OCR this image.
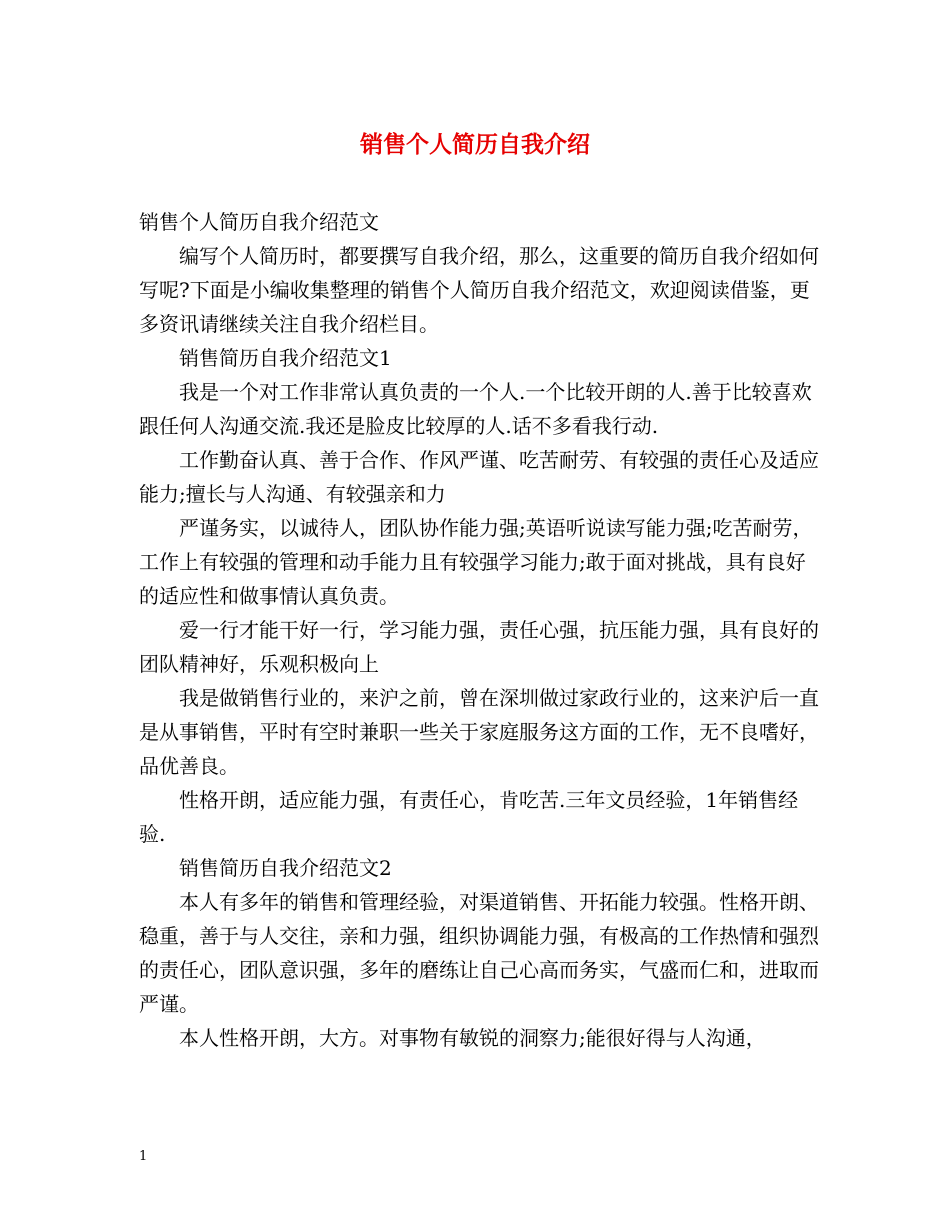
销售个人简历自我介绍

销售个人简历自我介绍范文

编写个人简历时，都要撰写自我介绍，那么，这重要的简历自我介绍如何写呢?下面是小编收集整理的销售个人简历自我介绍范文，欢迎阅读借鉴，更多资讯请继续关注自我介绍栏目。

销售简历自我介绍范文1

我是一个对工作非常认真负责的一个人.一个比较开朗的人.善于比较喜欢跟任何人沟通交流.我还是脸皮比较厚的人.话不多看我行动.

工作勤奋认真、善于合作、作风严谨、吃苦耐劳、有较强的责任心及适应能力;擅长与人沟通、有较强亲和力

严谨务实，以诚待人，团队协作能力强;英语听说读写能力强;吃苦耐劳，工作上有较强的管理和动手能力且有较强学习能力;敢于面对挑战，具有良好的适应性和做事情认真负责。

爱一行才能干好一行，学习能力强，责任心强，抗压能力强，具有良好的团队精神好，乐观积极向上

我是做销售行业的，来沪之前，曾在深圳做过家政行业的，这来沪后一直是从事销售，平时有空时兼职一些关于家庭服务这方面的工作，无不良嗜好，品优善良。

性格开朗，适应能力强，有责任心，肯吃苦.三年文员经验，1年销售经验.

销售简历自我介绍范文2

本人有多年的销售和管理经验，对渠道销售、开拓能力较强。性格开朗、稳重，善于与人交往，亲和力强，组织协调能力强，有极高的工作热情和强烈的责任心，团队意识强，多年的磨练让自己心高而务实，气盛而仁和，进取而严谨。

本人性格开朗，大方。对事物有敏锐的洞察力;能很好得与人沟通，

1
